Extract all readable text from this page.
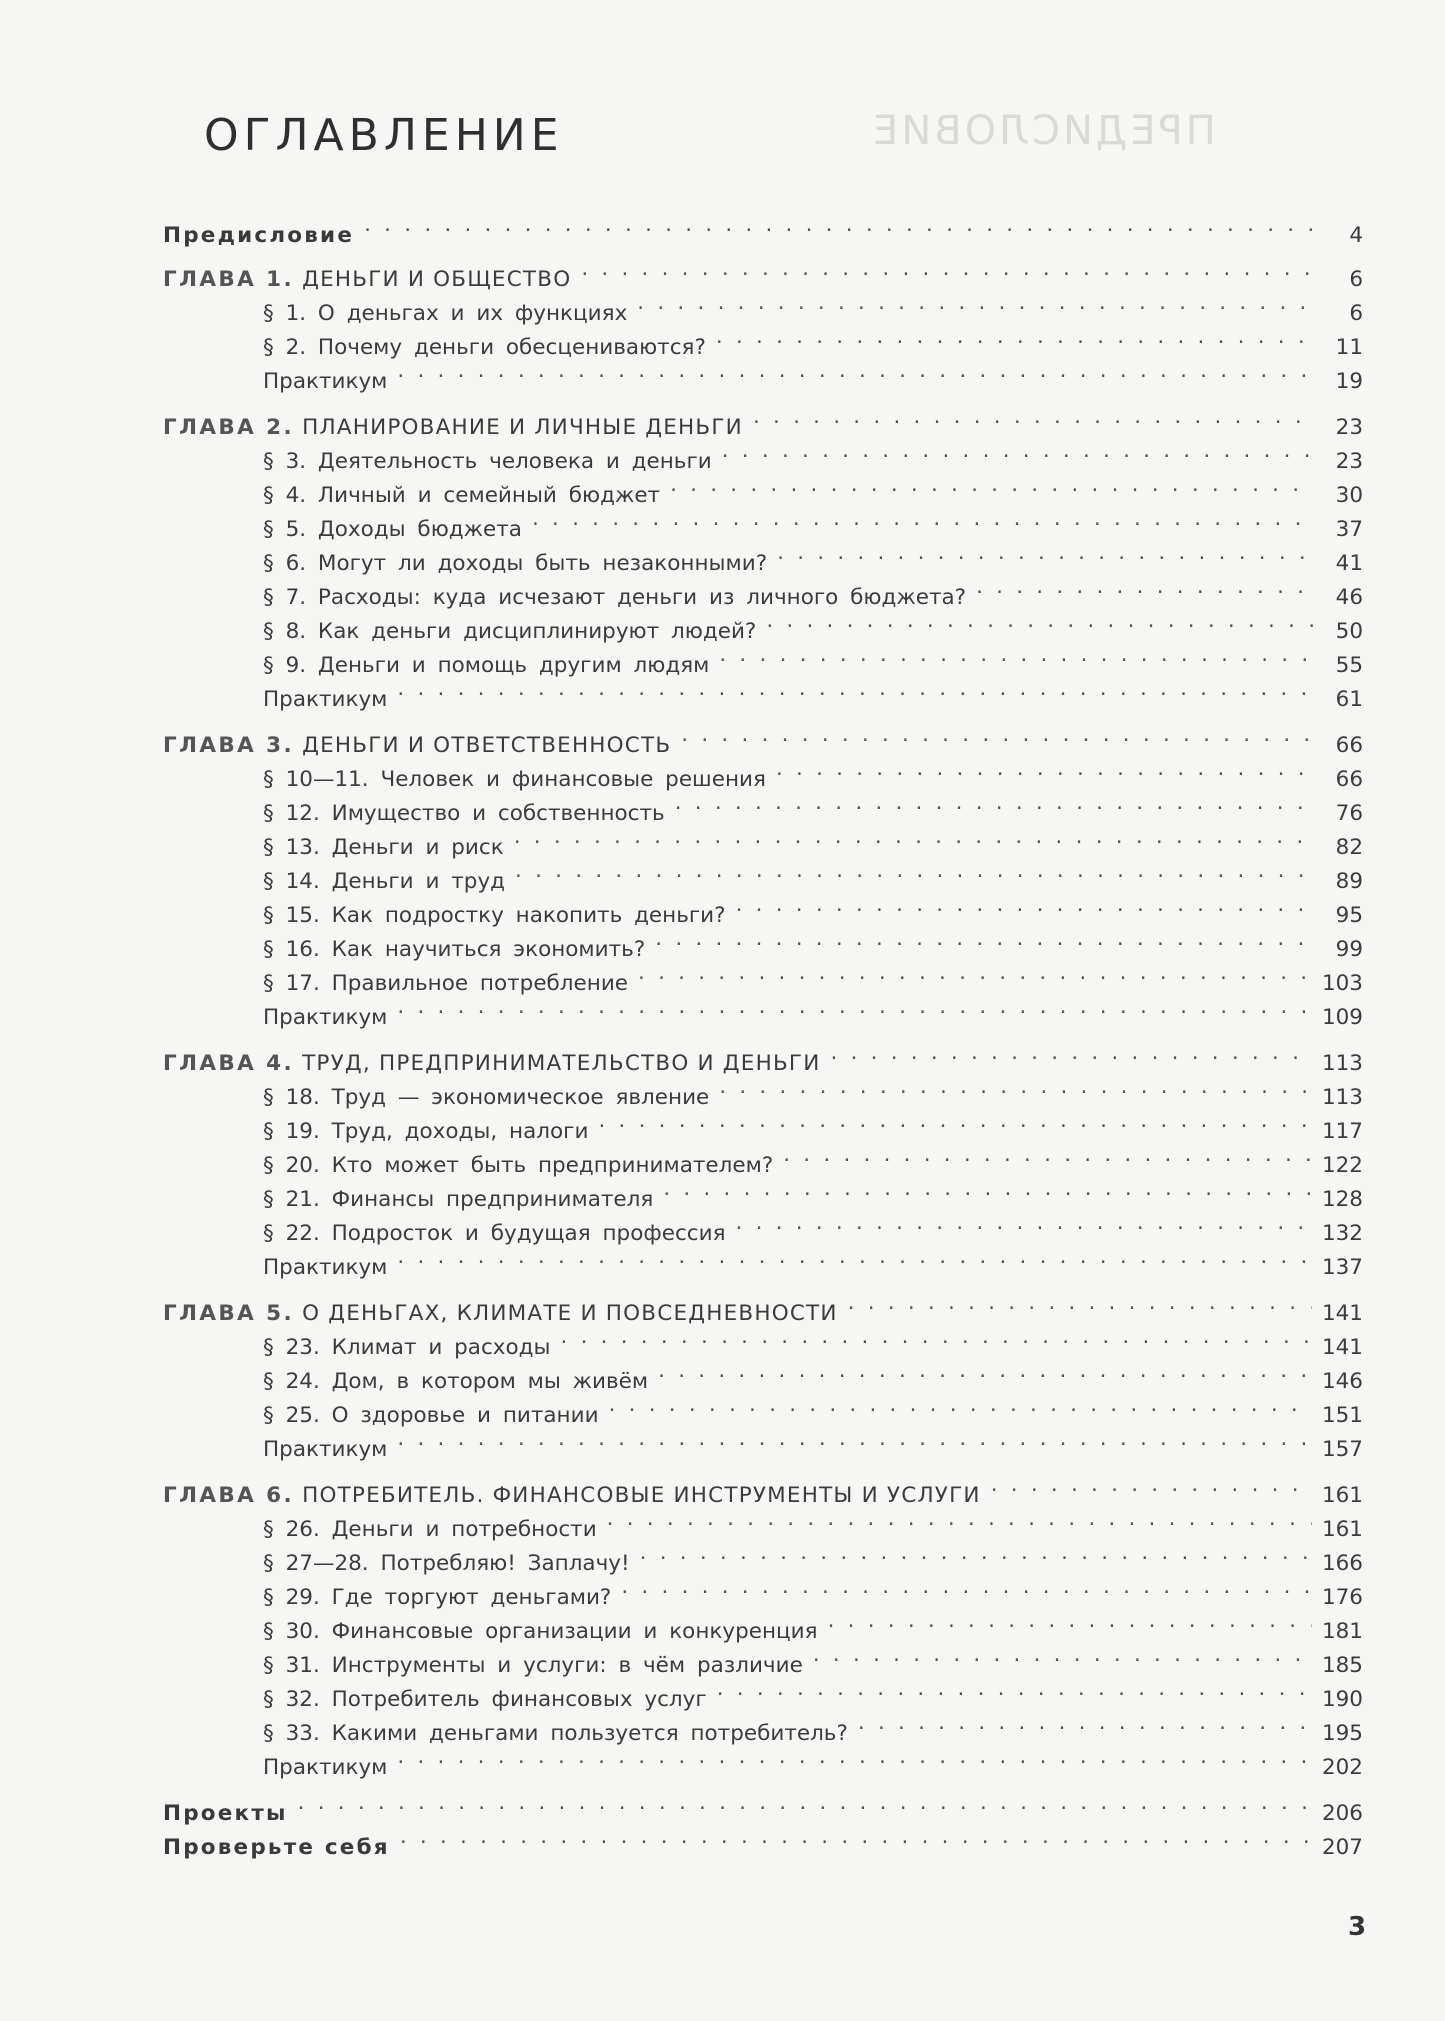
ПРЕДИСЛОВИЕ
ОГЛАВЛЕНИЕ
Предисловие . . .	4
ГЛАВА 1. ДЕНЬГИ И ОБЩЕСТВО . . .	6
§ 1. О деньгах и их функциях . . .	6
§ 2. Почему деньги обесцениваются? . . .	11
Практикум . . .	19
ГЛАВА 2. ПЛАНИРОВАНИЕ И ЛИЧНЫЕ ДЕНЬГИ . . .	23
§ 3. Деятельность человека и деньги . . .	23
§ 4. Личный и семейный бюджет . . .	30
§ 5. Доходы бюджета . . .	37
§ 6. Могут ли доходы быть незаконными? . . .	41
§ 7. Расходы: куда исчезают деньги из личного бюджета? . . .	46
§ 8. Как деньги дисциплинируют людей? . . .	50
§ 9. Деньги и помощь другим людям . . .	55
Практикум . . .	61
ГЛАВА 3. ДЕНЬГИ И ОТВЕТСТВЕННОСТЬ . . .	66
§ 10—11. Человек и финансовые решения . . .	66
§ 12. Имущество и собственность . . .	76
§ 13. Деньги и риск . . .	82
§ 14. Деньги и труд . . .	89
§ 15. Как подростку накопить деньги? . . .	95
§ 16. Как научиться экономить? . . .	99
§ 17. Правильное потребление . . .	103
Практикум . . .	109
ГЛАВА 4. ТРУД, ПРЕДПРИНИМАТЕЛЬСТВО И ДЕНЬГИ . . .	113
§ 18. Труд — экономическое явление . . .	113
§ 19. Труд, доходы, налоги . . .	117
§ 20. Кто может быть предпринимателем? . . .	122
§ 21. Финансы предпринимателя . . .	128
§ 22. Подросток и будущая профессия . . .	132
Практикум . . .	137
ГЛАВА 5. О ДЕНЬГАХ, КЛИМАТЕ И ПОВСЕДНЕВНОСТИ . . .	141
§ 23. Климат и расходы . . .	141
§ 24. Дом, в котором мы живём . . .	146
§ 25. О здоровье и питании . . .	151
Практикум . . .	157
ГЛАВА 6. ПОТРЕБИТЕЛЬ. ФИНАНСОВЫЕ ИНСТРУМЕНТЫ И УСЛУГИ . . .	161
§ 26. Деньги и потребности . . .	161
§ 27—28. Потребляю! Заплачу! . . .	166
§ 29. Где торгуют деньгами? . . .	176
§ 30. Финансовые организации и конкуренция . . .	181
§ 31. Инструменты и услуги: в чём различие . . .	185
§ 32. Потребитель финансовых услуг . . .	190
§ 33. Какими деньгами пользуется потребитель? . . .	195
Практикум . . .	202
Проекты . . .	206
Проверьте себя . . .	207
3
